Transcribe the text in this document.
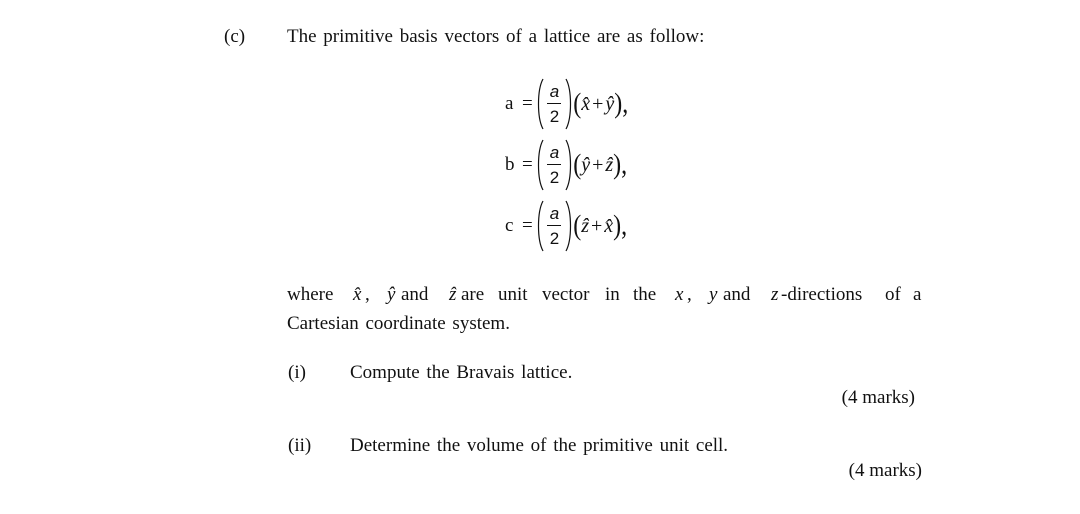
(c) The primitive basis vectors of a lattice are as follow:
$a = \frac{a}{2}$ ( x̂ + ŷ ),
$b = \frac{a}{2}$ ( ŷ + ẑ ),
$c = \frac{a}{2}$ ( ẑ + x̂ ),
where x̂ , ŷ and ẑ are unit vector in the x , y and z -directions of a
Cartesian coordinate system.
(i) Compute the Bravais lattice.
(4 marks)
(ii) Determine the volume of the primitive unit cell.
(4 marks)
